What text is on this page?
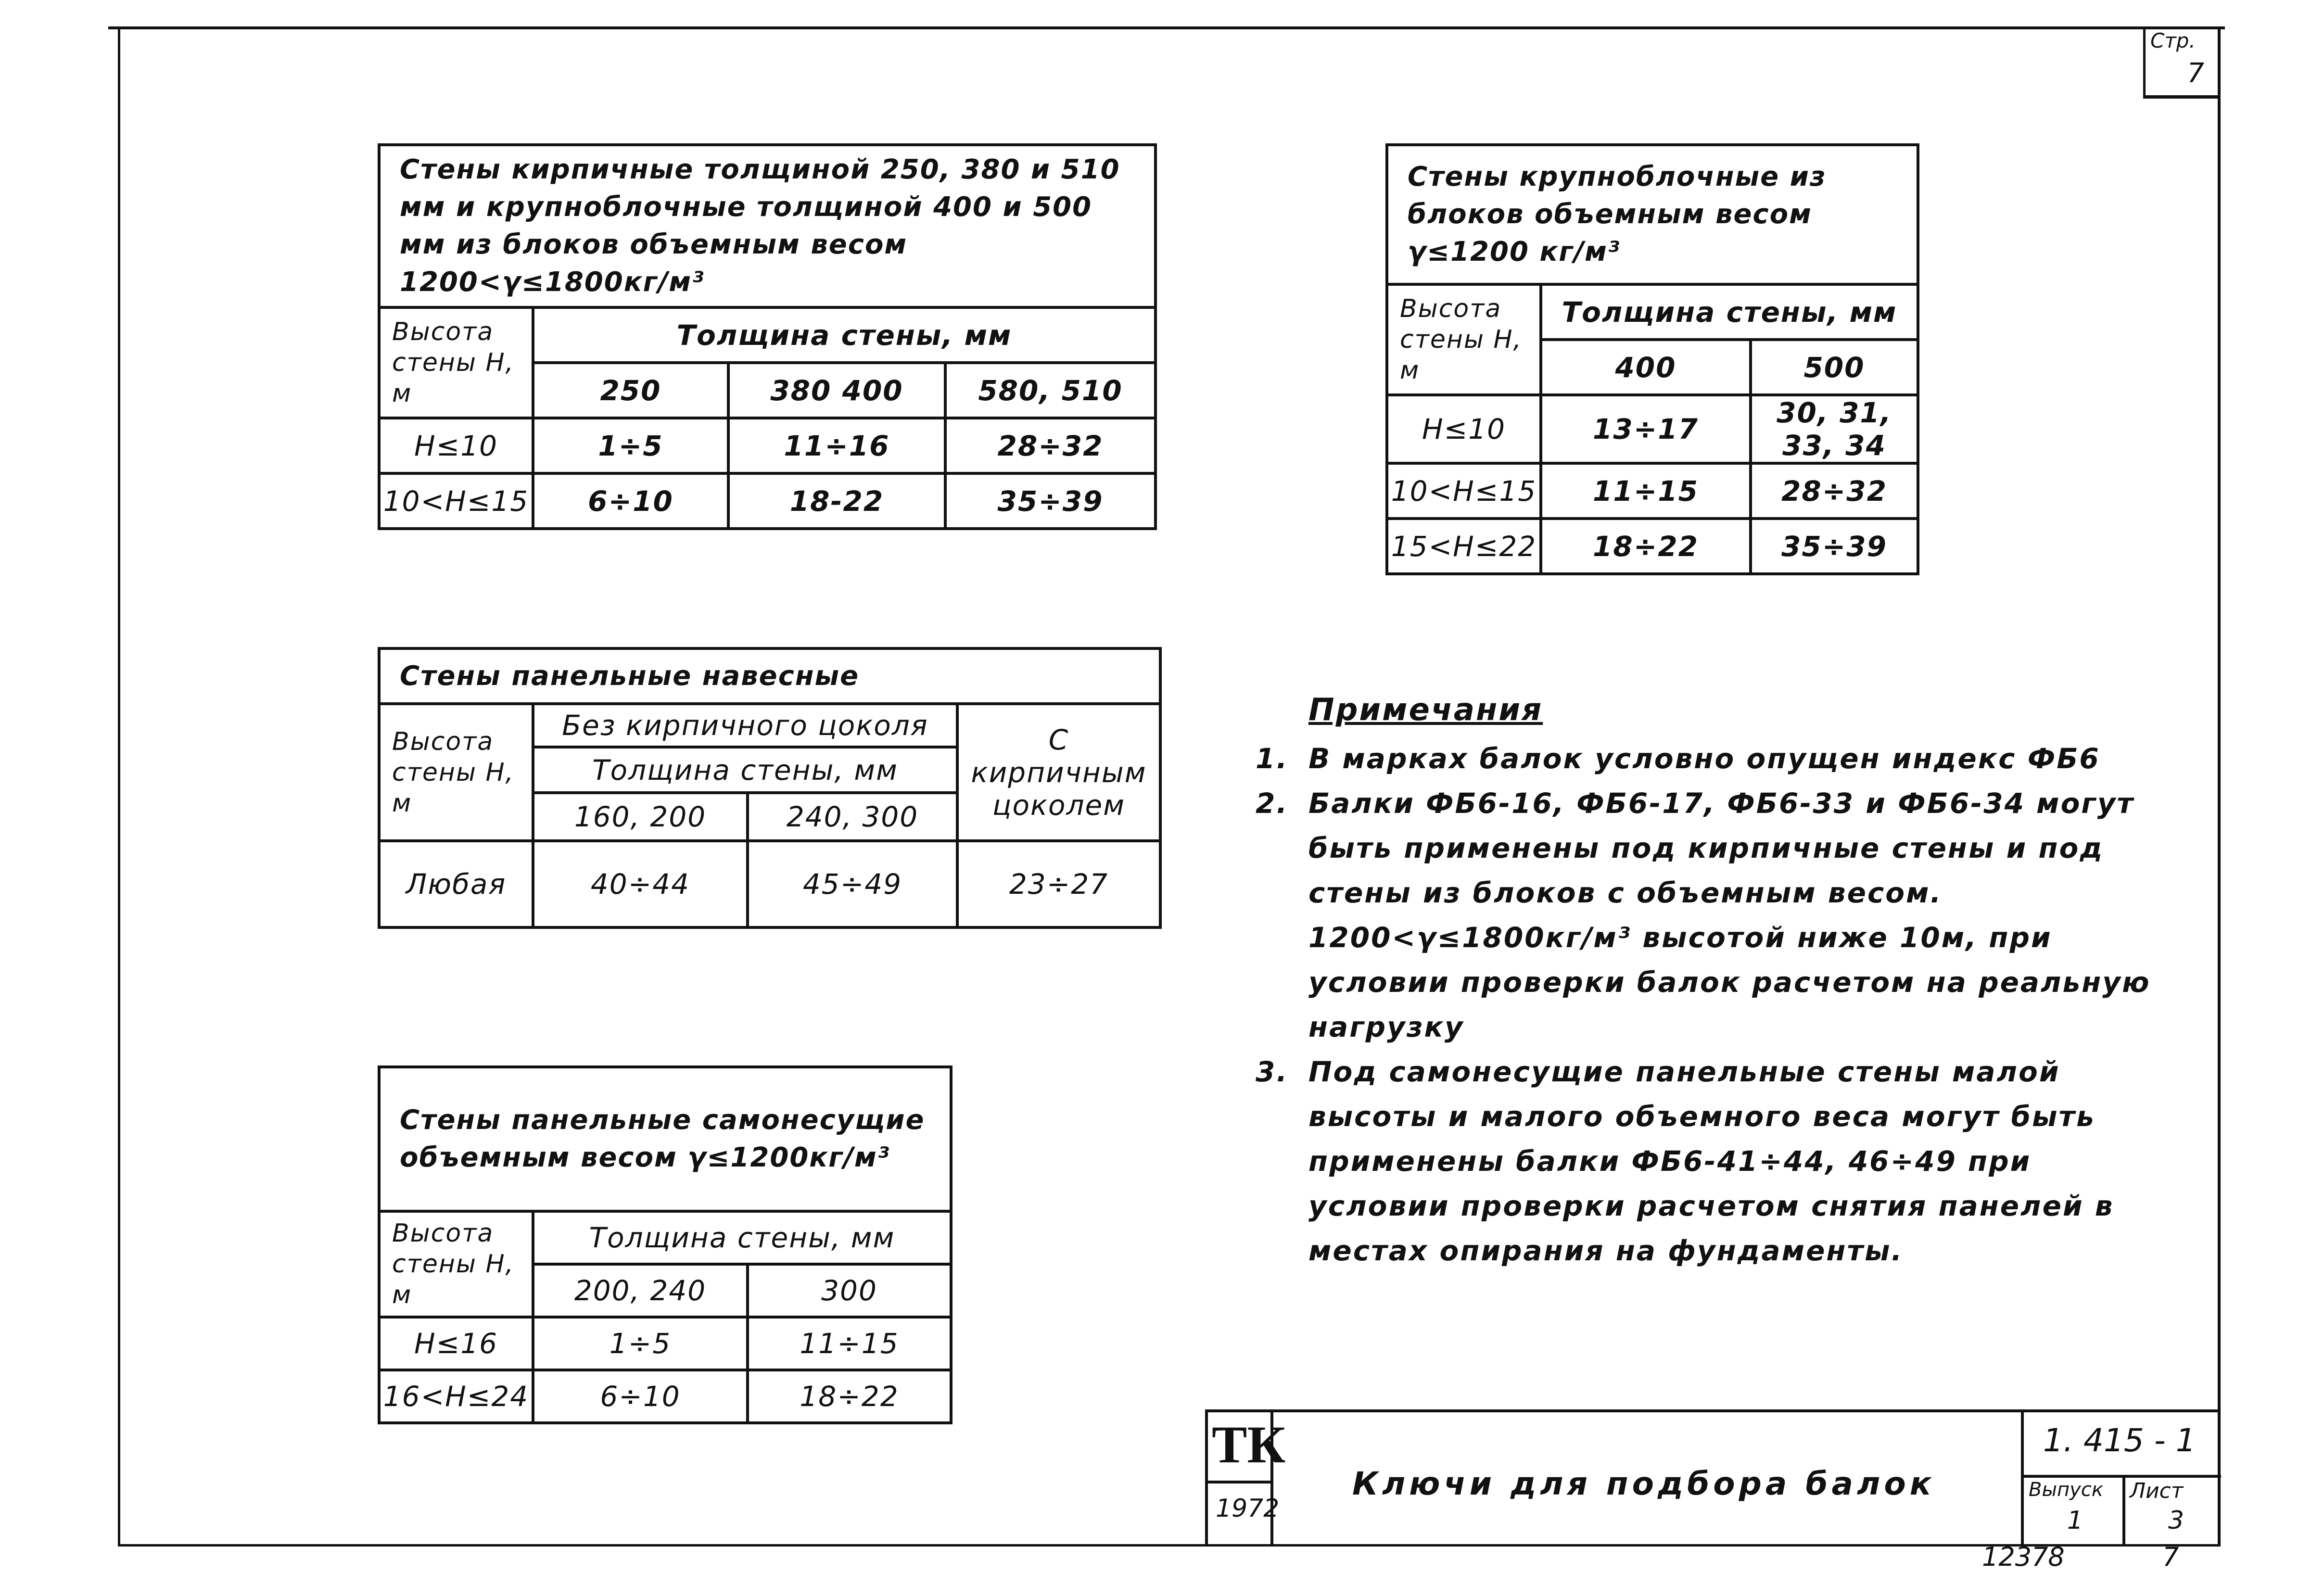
Стр.
7
Стены кирпичные толщиной 250, 380 и 510 мм и крупноблочные толщиной 400 и 500 мм из блоков объемным весом 1200<γ≤1800кг/м³			
Высота стены Н, м	Толщина стены, мм		
	250	380 400	580, 510
H≤10	1÷5	11÷16	28÷32
10<H≤15	6÷10	18-22	35÷39
Стены крупноблочные из блоков объемным весом γ≤1200 кг/м³		
Высота стены Н, м	Толщина стены, мм	
	400	500
H≤10	13÷17	30, 31, 33, 34
10<H≤15	11÷15	28÷32
15<H≤22	18÷22	35÷39
Стены панельные навесные			
Высота стены Н, м	Без кирпичного цоколя		С кирпичным цоколем
	Толщина стены, мм		
	160, 200	240, 300	
Любая	40÷44	45÷49	23÷27
Стены панельные самонесущие объемным весом γ≤1200кг/м³		
Высота стены Н, м	Толщина стены, мм	
	200, 240	300
H≤16	1÷5	11÷15
16<H≤24	6÷10	18÷22
Примечания
1. В марках балок условно опущен индекс ФБ6
2. Балки ФБ6-16, ФБ6-17, ФБ6-33 и ФБ6-34 могут быть применены под кирпичные стены и под стены из блоков с объемным весом. 1200<γ≤1800кг/м³ высотой ниже 10м, при условии проверки балок расчетом на реальную нагрузку
3. Под самонесущие панельные стены малой высоты и малого объемного веса могут быть применены балки ФБ6-41÷44, 46÷49 при условии проверки расчетом снятия панелей в местах опирания на фундаменты.
ТК
1972
Ключи для подбора балок
1. 415 - 1
Выпуск Лист
1	3
12378	7
